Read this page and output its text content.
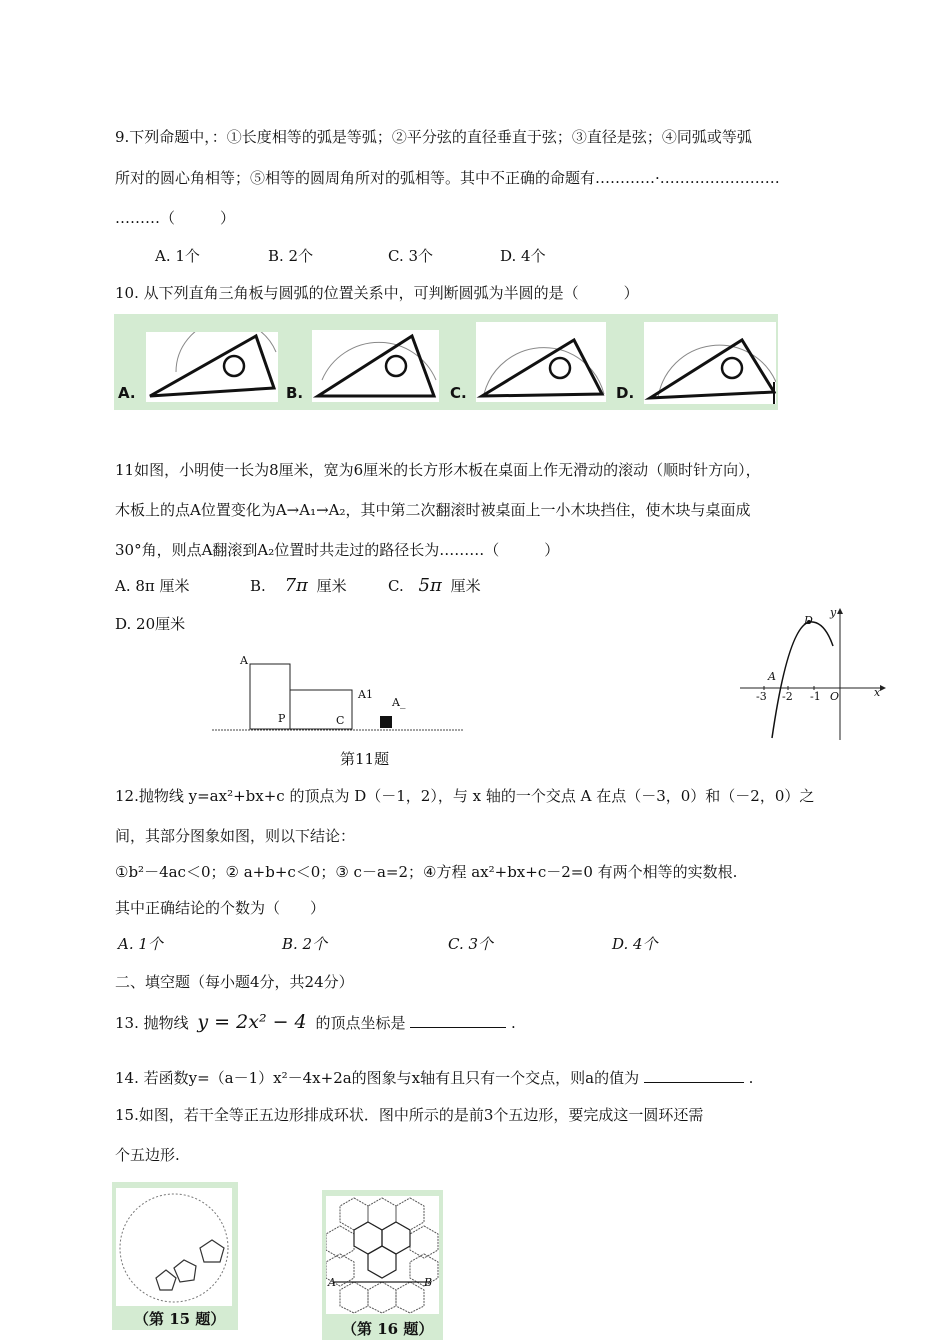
9.下列命题中，：①长度相等的弧是等弧；②平分弦的直径垂直于弦；③直径是弦；④同弧或等弧
所对的圆心角相等；⑤相等的圆周角所对的弧相等。其中不正确的命题有…………·……………………
………（　　　）
A. 1个	B. 2个	C. 3个	D. 4个
10. 从下列直角三角板与圆弧的位置关系中，可判断圆弧为半圆的是（　　　）
A.	B.	C.	D.
11如图，小明使一长为8厘米，宽为6厘米的长方形木板在桌面上作无滑动的滚动（顺时针方向），
木板上的点A位置变化为A→A₁→A₂，其中第二次翻滚时被桌面上一小木块挡住，使木块与桌面成
30°角，则点A翻滚到A₂位置时共走过的路径长为………（　　　）
A. 8π 厘米	B. 7π 厘米	C. 5π 厘米
D. 20厘米
A
P	C
A1
A_
第11题
D
y
A
x
-3 -2 -1 O
12.抛物线 y=ax²+bx+c 的顶点为 D（－1，2），与 x 轴的一个交点 A 在点（－3，0）和（－2，0）之
间，其部分图象如图，则以下结论：
①b²－4ac＜0；② a+b+c＜0；③ c－a=2；④方程 ax²+bx+c－2=0 有两个相等的实数根.
其中正确结论的个数为（　　）
A. 1个	B. 2个	C. 3个	D. 4个
二、填空题（每小题4分，共24分）
13. 抛物线 y = 2x² − 4 的顶点坐标是	.
14. 若函数y=（a－1）x²－4x+2a的图象与x轴有且只有一个交点，则a的值为	.
15.如图，若干全等正五边形排成环状．图中所示的是前3个五边形，要完成这一圆环还需
个五边形.
（第 15 题）
A	B
（第 16 题）
